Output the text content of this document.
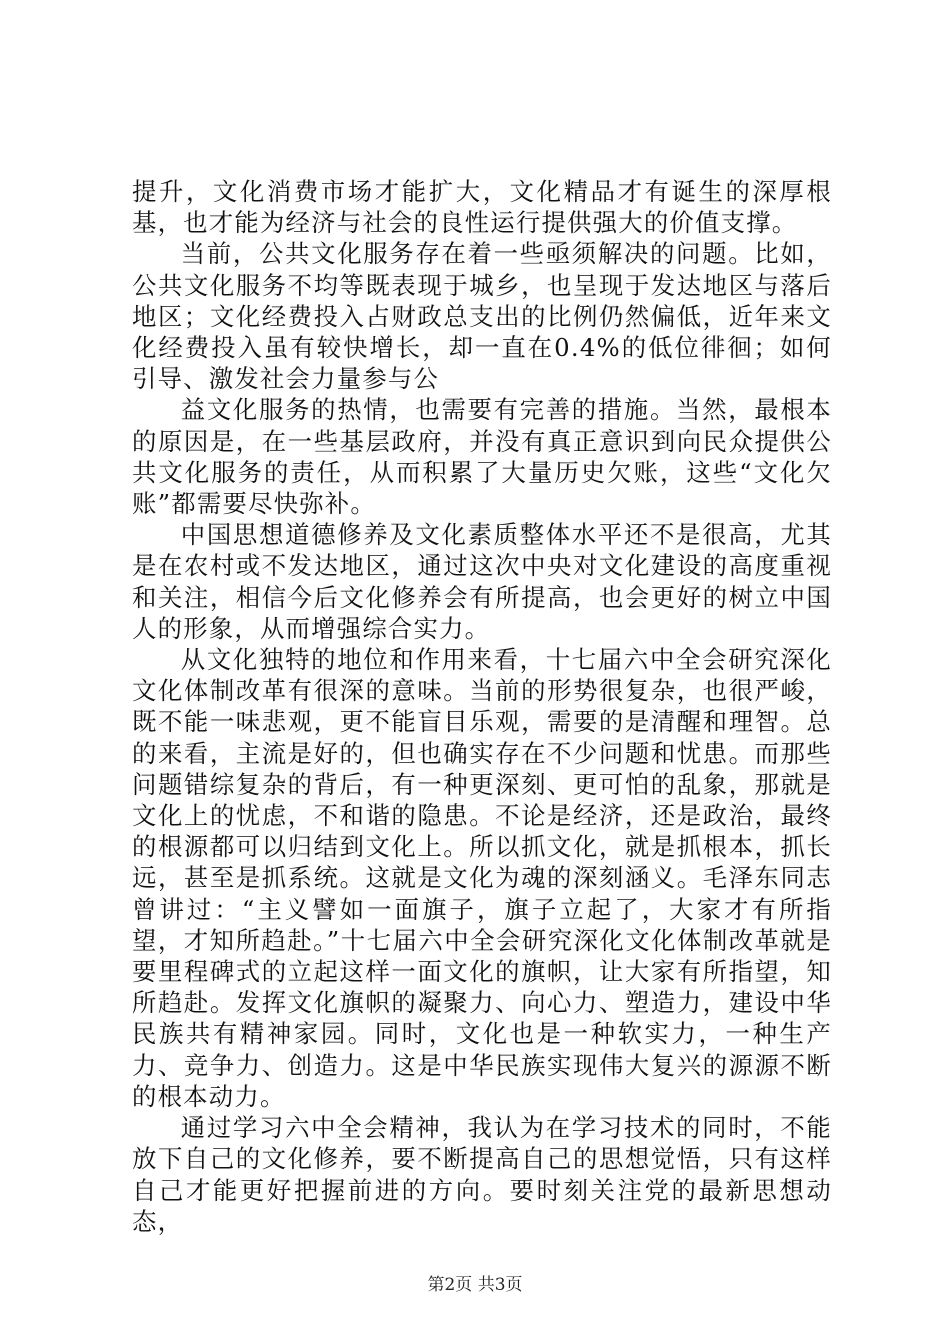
提升，文化消费市场才能扩大，文化精品才有诞生的深厚根基，也才能为经济与社会的良性运行提供强大的价值支撑。

当前，公共文化服务存在着一些亟须解决的问题。比如，公共文化服务不均等既表现于城乡，也呈现于发达地区与落后地区；文化经费投入占财政总支出的比例仍然偏低，近年来文化经费投入虽有较快增长，却一直在0.4%的低位徘徊；如何引导、激发社会力量参与公

益文化服务的热情，也需要有完善的措施。当然，最根本的原因是，在一些基层政府，并没有真正意识到向民众提供公共文化服务的责任，从而积累了大量历史欠账，这些“文化欠账”都需要尽快弥补。

中国思想道德修养及文化素质整体水平还不是很高，尤其是在农村或不发达地区，通过这次中央对文化建设的高度重视和关注，相信今后文化修养会有所提高，也会更好的树立中国人的形象，从而增强综合实力。

从文化独特的地位和作用来看，十七届六中全会研究深化文化体制改革有很深的意味。当前的形势很复杂，也很严峻，既不能一味悲观，更不能盲目乐观，需要的是清醒和理智。总的来看，主流是好的，但也确实存在不少问题和忧患。而那些问题错综复杂的背后，有一种更深刻、更可怕的乱象，那就是文化上的忧虑，不和谐的隐患。不论是经济，还是政治，最终的根源都可以归结到文化上。所以抓文化，就是抓根本，抓长远，甚至是抓系统。这就是文化为魂的深刻涵义。毛泽东同志曾讲过：“主义譬如一面旗子，旗子立起了，大家才有所指望，才知所趋赴。”十七届六中全会研究深化文化体制改革就是要里程碑式的立起这样一面文化的旗帜，让大家有所指望，知所趋赴。发挥文化旗帜的凝聚力、向心力、塑造力，建设中华民族共有精神家园。同时，文化也是一种软实力，一种生产力、竞争力、创造力。这是中华民族实现伟大复兴的源源不断的根本动力。

通过学习六中全会精神，我认为在学习技术的同时，不能放下自己的文化修养，要不断提高自己的思想觉悟，只有这样自己才能更好把握前进的方向。要时刻关注党的最新思想动态，

第2页 共3页
